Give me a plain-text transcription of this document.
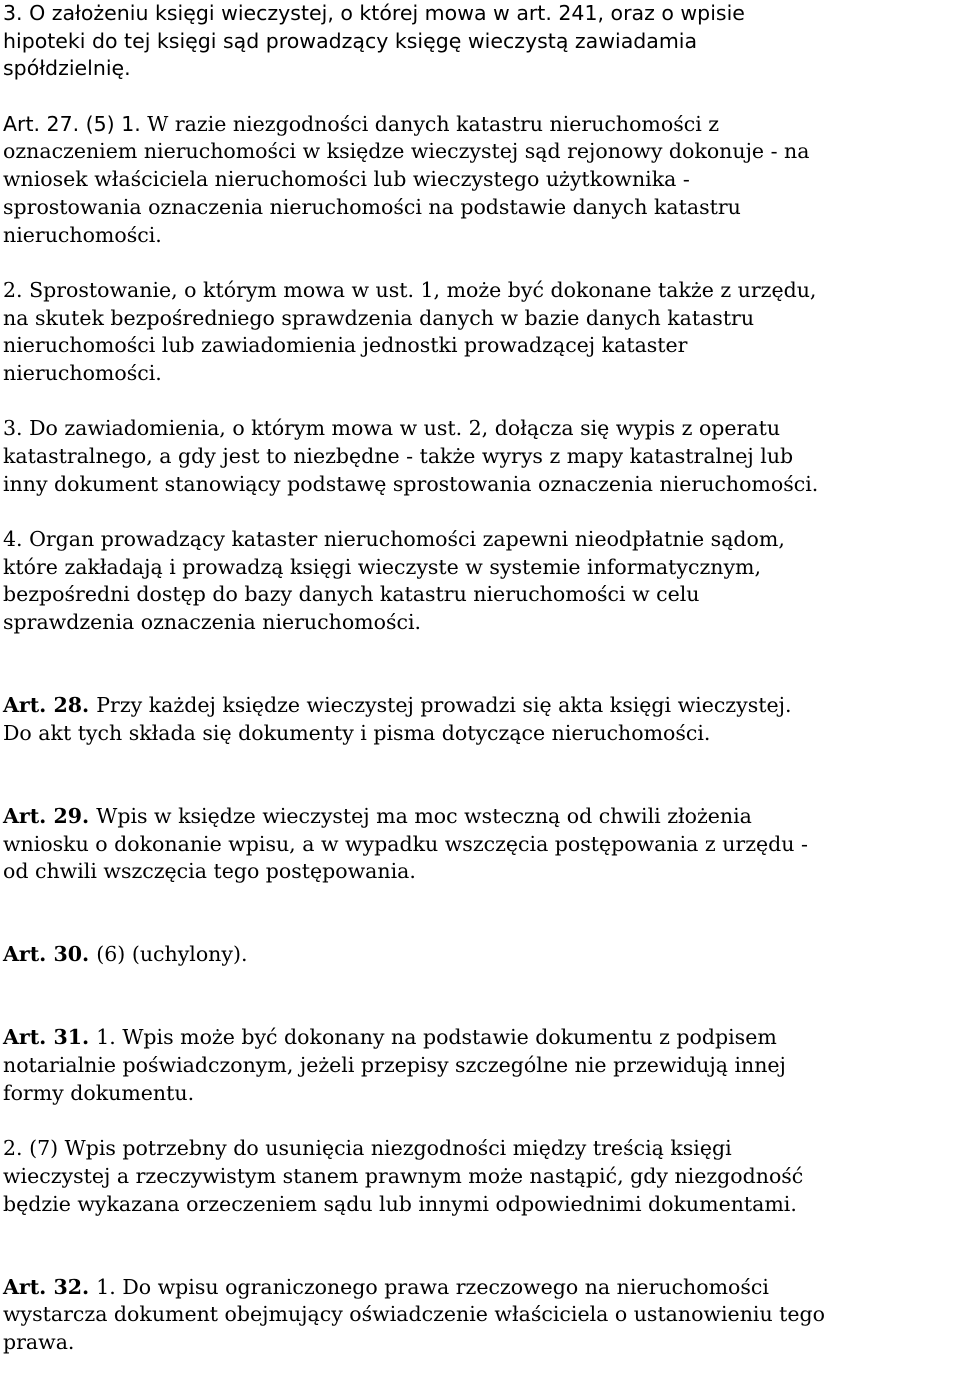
3. O założeniu księgi wieczystej, o której mowa w art. 241, oraz o wpisie
hipoteki do tej księgi sąd prowadzący księgę wieczystą zawiadamia
spółdzielnię.
Art. 27. (5) 1. W razie niezgodności danych katastru nieruchomości z
oznaczeniem nieruchomości w księdze wieczystej sąd rejonowy dokonuje - na
wniosek właściciela nieruchomości lub wieczystego użytkownika -
sprostowania oznaczenia nieruchomości na podstawie danych katastru
nieruchomości.
2. Sprostowanie, o którym mowa w ust. 1, może być dokonane także z urzędu,
na skutek bezpośredniego sprawdzenia danych w bazie danych katastru
nieruchomości lub zawiadomienia jednostki prowadzącej kataster
nieruchomości.
3. Do zawiadomienia, o którym mowa w ust. 2, dołącza się wypis z operatu
katastralnego, a gdy jest to niezbędne - także wyrys z mapy katastralnej lub
inny dokument stanowiący podstawę sprostowania oznaczenia nieruchomości.
4. Organ prowadzący kataster nieruchomości zapewni nieodpłatnie sądom,
które zakładają i prowadzą księgi wieczyste w systemie informatycznym,
bezpośredni dostęp do bazy danych katastru nieruchomości w celu
sprawdzenia oznaczenia nieruchomości.
Art. 28. Przy każdej księdze wieczystej prowadzi się akta księgi wieczystej.
Do akt tych składa się dokumenty i pisma dotyczące nieruchomości.
Art. 29. Wpis w księdze wieczystej ma moc wsteczną od chwili złożenia
wniosku o dokonanie wpisu, a w wypadku wszczęcia postępowania z urzędu -
od chwili wszczęcia tego postępowania.
Art. 30. (6) (uchylony).
Art. 31. 1. Wpis może być dokonany na podstawie dokumentu z podpisem
notarialnie poświadczonym, jeżeli przepisy szczególne nie przewidują innej
formy dokumentu.
2. (7) Wpis potrzebny do usunięcia niezgodności między treścią księgi
wieczystej a rzeczywistym stanem prawnym może nastąpić, gdy niezgodność
będzie wykazana orzeczeniem sądu lub innymi odpowiednimi dokumentami.
Art. 32. 1. Do wpisu ograniczonego prawa rzeczowego na nieruchomości
wystarcza dokument obejmujący oświadczenie właściciela o ustanowieniu tego
prawa.
